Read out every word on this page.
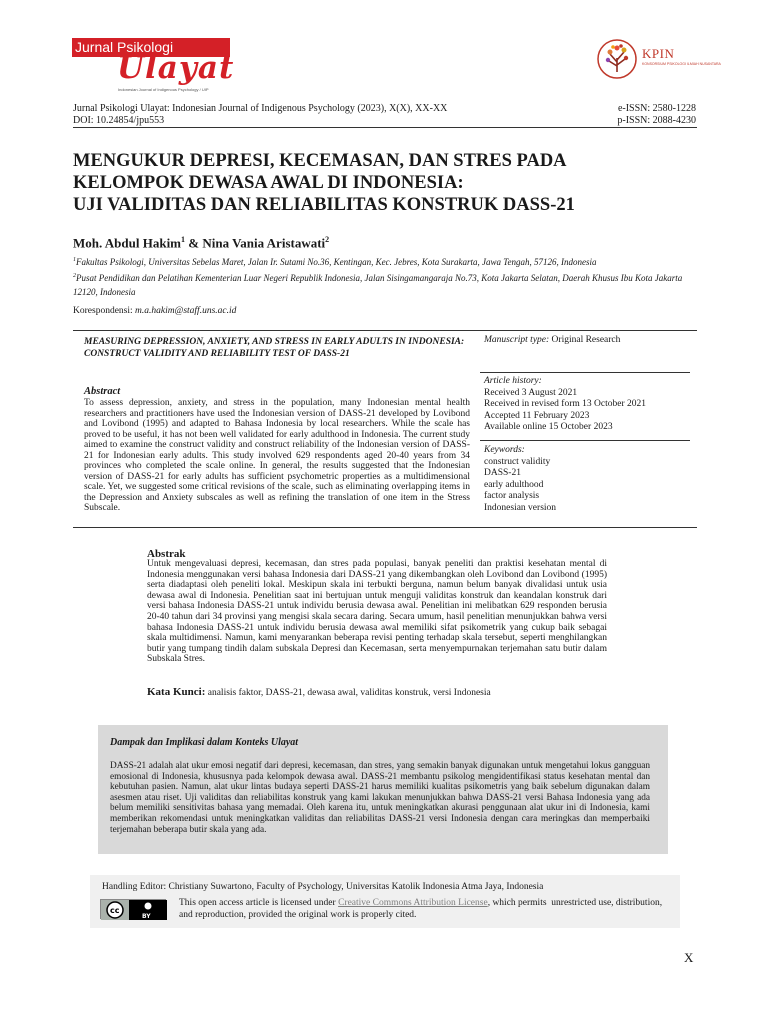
Jurnal Psikologi
Ulayat
Indonesian Journal of Indigenous Psychology / UIP
KPIN
KONSORSIUM PSIKOLOGI ILMIAH NUSANTARA
Jurnal Psikologi Ulayat: Indonesian Journal of Indigenous Psychology (2023), X(X), XX-XX
DOI: 10.24854/jpu553
e-ISSN: 2580-1228
p-ISSN: 2088-4230
MENGUKUR DEPRESI, KECEMASAN, DAN STRES PADA
KELOMPOK DEWASA AWAL DI INDONESIA:
UJI VALIDITAS DAN RELIABILITAS KONSTRUK DASS-21
Moh. Abdul Hakim$^1$ & Nina Vania Aristawati$^2$
$^1$Fakultas Psikologi, Universitas Sebelas Maret, Jalan Ir. Sutami No.36, Kentingan, Kec. Jebres, Kota Surakarta, Jawa Tengah, 57126, Indonesia
$^2$Pusat Pendidikan dan Pelatihan Kementerian Luar Negeri Republik Indonesia, Jalan Sisingamangaraja No.73, Kota Jakarta Selatan, Daerah Khusus Ibu Kota Jakarta 12120, Indonesia
Korespondensi: m.a.hakim@staff.uns.ac.id
MEASURING DEPRESSION, ANXIETY, AND STRESS IN EARLY ADULTS IN INDONESIA: CONSTRUCT VALIDITY AND RELIABILITY TEST OF DASS-21
Abstract
To assess depression, anxiety, and stress in the population, many Indonesian mental health researchers and practitioners have used the Indonesian version of DASS-21 developed by Lovibond and Lovibond (1995) and adapted to Bahasa Indonesia by local researchers. While the scale has proved to be useful, it has not been well validated for early adulthood in Indonesia. The current study aimed to examine the construct validity and construct reliability of the Indonesian version of DASS-21 for Indonesian early adults. This study involved 629 respondents aged 20-40 years from 34 provinces who completed the scale online. In general, the results suggested that the Indonesian version of DASS-21 for early adults has sufficient psychometric properties as a multidimensional scale. Yet, we suggested some critical revisions of the scale, such as eliminating overlapping items in the Depression and Anxiety subscales as well as refining the translation of one item in the Stress Subscale.
Manuscript type: Original Research
Article history:
Received 3 August 2021
Received in revised form 13 October 2021
Accepted 11 February 2023
Available online 15 October 2023
Keywords:
construct validity
DASS-21
early adulthood
factor analysis
Indonesian version
Abstrak
Untuk mengevaluasi depresi, kecemasan, dan stres pada populasi, banyak peneliti dan praktisi kesehatan mental di Indonesia menggunakan versi bahasa Indonesia dari DASS-21 yang dikembangkan oleh Lovibond dan Lovibond (1995) serta diadaptasi oleh peneliti lokal. Meskipun skala ini terbukti berguna, namun belum banyak divalidasi untuk usia dewasa awal di Indonesia. Penelitian saat ini bertujuan untuk menguji validitas konstruk dan keandalan konstruk dari versi bahasa Indonesia DASS-21 untuk individu berusia dewasa awal. Penelitian ini melibatkan 629 responden berusia 20-40 tahun dari 34 provinsi yang mengisi skala secara daring. Secara umum, hasil penelitian menunjukkan bahwa versi bahasa Indonesia DASS-21 untuk individu berusia dewasa awal memiliki sifat psikometrik yang cukup baik sebagai skala multidimensi. Namun, kami menyarankan beberapa revisi penting terhadap skala tersebut, seperti menghilangkan butir yang tumpang tindih dalam subskala Depresi dan Kecemasan, serta menyempurnakan terjemahan satu butir dalam Subskala Stres.
Kata Kunci: analisis faktor, DASS-21, dewasa awal, validitas konstruk, versi Indonesia
Dampak dan Implikasi dalam Konteks Ulayat
DASS-21 adalah alat ukur emosi negatif dari depresi, kecemasan, dan stres, yang semakin banyak digunakan untuk mengetahui lokus gangguan emosional di Indonesia, khususnya pada kelompok dewasa awal. DASS-21 membantu psikolog mengidentifikasi status kesehatan mental dan kebutuhan pasien. Namun, alat ukur lintas budaya seperti DASS-21 harus memiliki kualitas psikometris yang baik sebelum digunakan dalam asesmen atau riset. Uji validitas dan reliabilitas konstruk yang kami lakukan menunjukkan bahwa DASS-21 versi Bahasa Indonesia yang ada belum memiliki sensitivitas bahasa yang memadai. Oleh karena itu, untuk meningkatkan akurasi penggunaan alat ukur ini di Indonesia, kami memberikan rekomendasi untuk meningkatkan validitas dan reliabilitas DASS-21 versi Indonesia dengan cara meringkas dan memperbaiki terjemahan beberapa butir skala yang ada.
Handling Editor: Christiany Suwartono, Faculty of Psychology, Universitas Katolik Indonesia Atma Jaya, Indonesia
cc
BY
This open access article is licensed under Creative Commons Attribution License, which permits  unrestricted use, distribution, and reproduction, provided the original work is properly cited.
X
